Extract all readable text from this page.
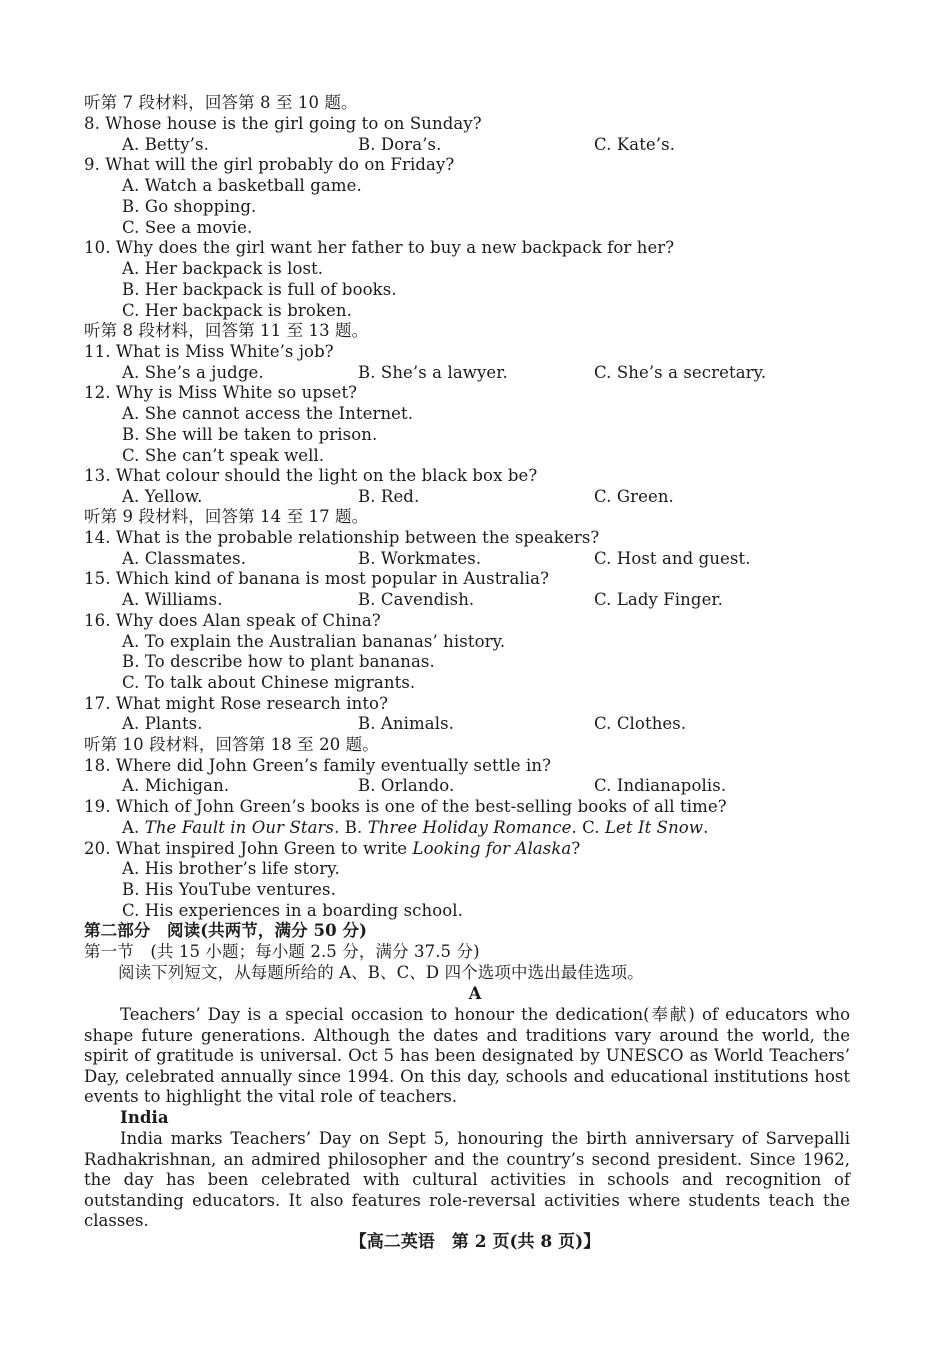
听第 7 段材料，回答第 8 至 10 题。
8. Whose house is the girl going to on Sunday?
A. Betty’s.	B. Dora’s.	C. Kate’s.
9. What will the girl probably do on Friday?
A. Watch a basketball game.
B. Go shopping.
C. See a movie.
10. Why does the girl want her father to buy a new backpack for her?
A. Her backpack is lost.
B. Her backpack is full of books.
C. Her backpack is broken.
听第 8 段材料，回答第 11 至 13 题。
11. What is Miss White’s job?
A. She’s a judge.	B. She’s a lawyer.	C. She’s a secretary.
12. Why is Miss White so upset?
A. She cannot access the Internet.
B. She will be taken to prison.
C. She can’t speak well.
13. What colour should the light on the black box be?
A. Yellow.	B. Red.	C. Green.
听第 9 段材料，回答第 14 至 17 题。
14. What is the probable relationship between the speakers?
A. Classmates.	B. Workmates.	C. Host and guest.
15. Which kind of banana is most popular in Australia?
A. Williams.	B. Cavendish.	C. Lady Finger.
16. Why does Alan speak of China?
A. To explain the Australian bananas’ history.
B. To describe how to plant bananas.
C. To talk about Chinese migrants.
17. What might Rose research into?
A. Plants.	B. Animals.	C. Clothes.
听第 10 段材料，回答第 18 至 20 题。
18. Where did John Green’s family eventually settle in?
A. Michigan.	B. Orlando.	C. Indianapolis.
19. Which of John Green’s books is one of the best-selling books of all time?
A. The Fault in Our Stars. B. Three Holiday Romance. C. Let It Snow.
20. What inspired John Green to write Looking for Alaska?
A. His brother’s life story.
B. His YouTube ventures.
C. His experiences in a boarding school.
第二部分　阅读(共两节，满分 50 分)
第一节　(共 15 小题；每小题 2.5 分，满分 37.5 分)
阅读下列短文，从每题所给的 A、B、C、D 四个选项中选出最佳选项。
A
Teachers’ Day is a special occasion to honour the dedication(奉献) of educators who shape future generations. Although the dates and traditions vary around the world, the spirit of gratitude is universal. Oct 5 has been designated by UNESCO as World Teachers’ Day, celebrated annually since 1994. On this day, schools and educational institutions host events to highlight the vital role of teachers.
India
India marks Teachers’ Day on Sept 5, honouring the birth anniversary of Sarvepalli Radhakrishnan, an admired philosopher and the country’s second president. Since 1962, the day has been celebrated with cultural activities in schools and recognition of outstanding educators. It also features role-reversal activities where students teach the classes.
【高二英语　第 2 页(共 8 页)】
